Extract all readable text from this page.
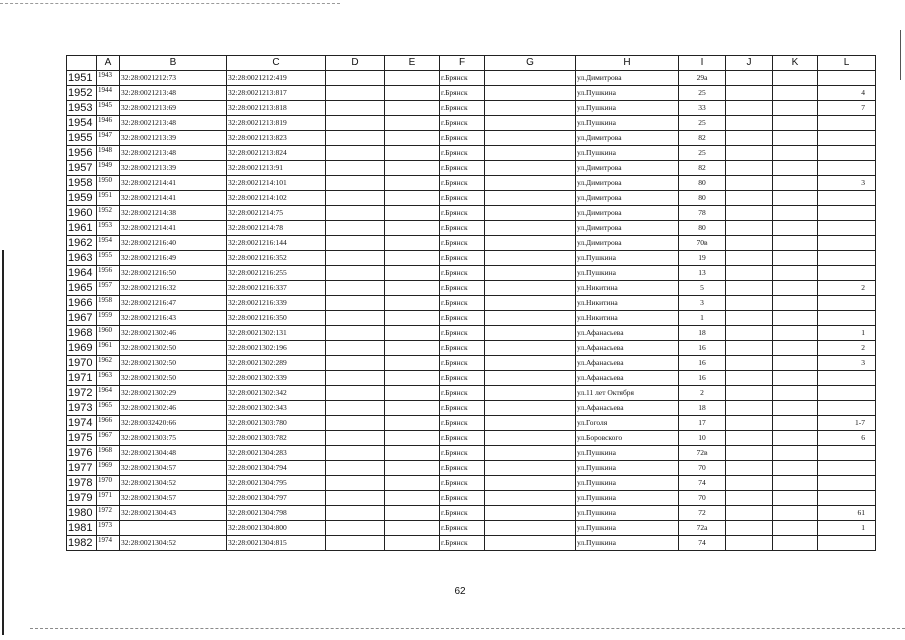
	A	B	C	D	E	F	G	H	I	J	K	L
1951	1943	32:28:0021212:73	32:28:0021212:419			г.Брянск		ул.Димитрова	29а			
1952	1944	32:28:0021213:48	32:28:0021213:817			г.Брянск		ул.Пушкина	25			4
1953	1945	32:28:0021213:69	32:28:0021213:818			г.Брянск		ул.Пушкина	33			7
1954	1946	32:28:0021213:48	32:28:0021213:819			г.Брянск		ул.Пушкина	25			
1955	1947	32:28:0021213:39	32:28:0021213:823			г.Брянск		ул.Димитрова	82			
1956	1948	32:28:0021213:48	32:28:0021213:824			г.Брянск		ул.Пушкина	25			
1957	1949	32:28:0021213:39	32:28:0021213:91			г.Брянск		ул.Димитрова	82			
1958	1950	32:28:0021214:41	32:28:0021214:101			г.Брянск		ул.Димитрова	80			3
1959	1951	32:28:0021214:41	32:28:0021214:102			г.Брянск		ул.Димитрова	80			
1960	1952	32:28:0021214:38	32:28:0021214:75			г.Брянск		ул.Димитрова	78			
1961	1953	32:28:0021214:41	32:28:0021214:78			г.Брянск		ул.Димитрова	80			
1962	1954	32:28:0021216:40	32:28:0021216:144			г.Брянск		ул.Димитрова	70в			
1963	1955	32:28:0021216:49	32:28:0021216:352			г.Брянск		ул.Пушкина	19			
1964	1956	32:28:0021216:50	32:28:0021216:255			г.Брянск		ул.Пушкина	13			
1965	1957	32:28:0021216:32	32:28:0021216:337			г.Брянск		ул.Никитина	5			2
1966	1958	32:28:0021216:47	32:28:0021216:339			г.Брянск		ул.Никитина	3			
1967	1959	32:28:0021216:43	32:28:0021216:350			г.Брянск		ул.Никитина	1			
1968	1960	32:28:0021302:46	32:28:0021302:131			г.Брянск		ул.Афанасьева	18			1
1969	1961	32:28:0021302:50	32:28:0021302:196			г.Брянск		ул.Афанасьева	16			2
1970	1962	32:28:0021302:50	32:28:0021302:289			г.Брянск		ул.Афанасьева	16			3
1971	1963	32:28:0021302:50	32:28:0021302:339			г.Брянск		ул.Афанасьева	16			
1972	1964	32:28:0021302:29	32:28:0021302:342			г.Брянск		ул.11 лет Октября	2			
1973	1965	32:28:0021302:46	32:28:0021302:343			г.Брянск		ул.Афанасьева	18			
1974	1966	32:28:0032420:66	32:28:0021303:780			г.Брянск		ул.Гоголя	17			1-7
1975	1967	32:28:0021303:75	32:28:0021303:782			г.Брянск		ул.Боровского	10			6
1976	1968	32:28:0021304:48	32:28:0021304:283			г.Брянск		ул.Пушкина	72в			
1977	1969	32:28:0021304:57	32:28:0021304:794			г.Брянск		ул.Пушкина	70			
1978	1970	32:28:0021304:52	32:28:0021304:795			г.Брянск		ул.Пушкина	74			
1979	1971	32:28:0021304:57	32:28:0021304:797			г.Брянск		ул.Пушкина	70			
1980	1972	32:28:0021304:43	32:28:0021304:798			г.Брянск		ул.Пушкина	72			61
1981	1973		32:28:0021304:800			г.Брянск		ул.Пушкина	72а			1
1982	1974	32:28:0021304:52	32:28:0021304:815			г.Брянск		ул.Пушкина	74			
62
